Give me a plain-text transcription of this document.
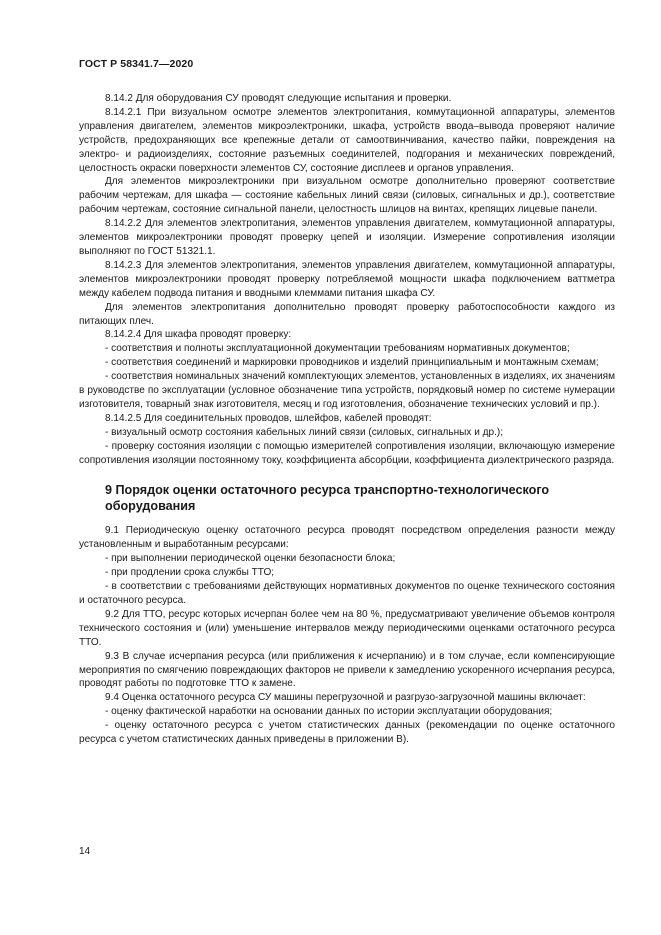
ГОСТ Р 58341.7—2020

8.14.2 Для оборудования СУ проводят следующие испытания и проверки.

8.14.2.1 При визуальном осмотре элементов электропитания, коммутационной аппаратуры, элементов управления двигателем, элементов микроэлектроники, шкафа, устройств ввода–вывода проверяют наличие устройств, предохраняющих все крепежные детали от самоотвинчивания, качество пайки, повреждения на электро- и радиоизделиях, состояние разъемных соединителей, подгорания и механических повреждений, целостность окраски поверхности элементов СУ, состояние дисплеев и органов управления.

Для элементов микроэлектроники при визуальном осмотре дополнительно проверяют соответствие рабочим чертежам, для шкафа — состояние кабельных линий связи (силовых, сигнальных и др.), соответствие рабочим чертежам, состояние сигнальной панели, целостность шлицов на винтах, крепящих лицевые панели.

8.14.2.2 Для элементов электропитания, элементов управления двигателем, коммутационной аппаратуры, элементов микроэлектроники проводят проверку цепей и изоляции. Измерение сопротивления изоляции выполняют по ГОСТ 51321.1.

8.14.2.3 Для элементов электропитания, элементов управления двигателем, коммутационной аппаратуры, элементов микроэлектроники проводят проверку потребляемой мощности шкафа подключением ваттметра между кабелем подвода питания и вводными клеммами питания шкафа СУ.

Для элементов электропитания дополнительно проводят проверку работоспособности каждого из питающих плеч.

8.14.2.4 Для шкафа проводят проверку:

- соответствия и полноты эксплуатационной документации требованиям нормативных документов;

- соответствия соединений и маркировки проводников и изделий принципиальным и монтажным схемам;

- соответствия номинальных значений комплектующих элементов, установленных в изделиях, их значениям в руководстве по эксплуатации (условное обозначение типа устройств, порядковый номер по системе нумерации изготовителя, товарный знак изготовителя, месяц и год изготовления, обозначение технических условий и пр.).

8.14.2.5 Для соединительных проводов, шлейфов, кабелей проводят:

- визуальный осмотр состояния кабельных линий связи (силовых, сигнальных и др.);

- проверку состояния изоляции с помощью измерителей сопротивления изоляции, включающую измерение сопротивления изоляции постоянному току, коэффициента абсорбции, коэффициента диэлектрического разряда.

9 Порядок оценки остаточного ресурса транспортно-технологического оборудования

9.1 Периодическую оценку остаточного ресурса проводят посредством определения разности между установленным и выработанным ресурсами:

- при выполнении периодической оценки безопасности блока;

- при продлении срока службы ТТО;

- в соответствии с требованиями действующих нормативных документов по оценке технического состояния и остаточного ресурса.

9.2 Для ТТО, ресурс которых исчерпан более чем на 80 %, предусматривают увеличение объемов контроля технического состояния и (или) уменьшение интервалов между периодическими оценками остаточного ресурса ТТО.

9.3 В случае исчерпания ресурса (или приближения к исчерпанию) и в том случае, если компенсирующие мероприятия по смягчению повреждающих факторов не привели к замедлению ускоренного исчерпания ресурса, проводят работы по подготовке ТТО к замене.

9.4 Оценка остаточного ресурса СУ машины перегрузочной и разгрузо-загрузочной машины включает:

- оценку фактической наработки на основании данных по истории эксплуатации оборудования;

- оценку остаточного ресурса с учетом статистических данных (рекомендации по оценке остаточного ресурса с учетом статистических данных приведены в приложении В).

14
